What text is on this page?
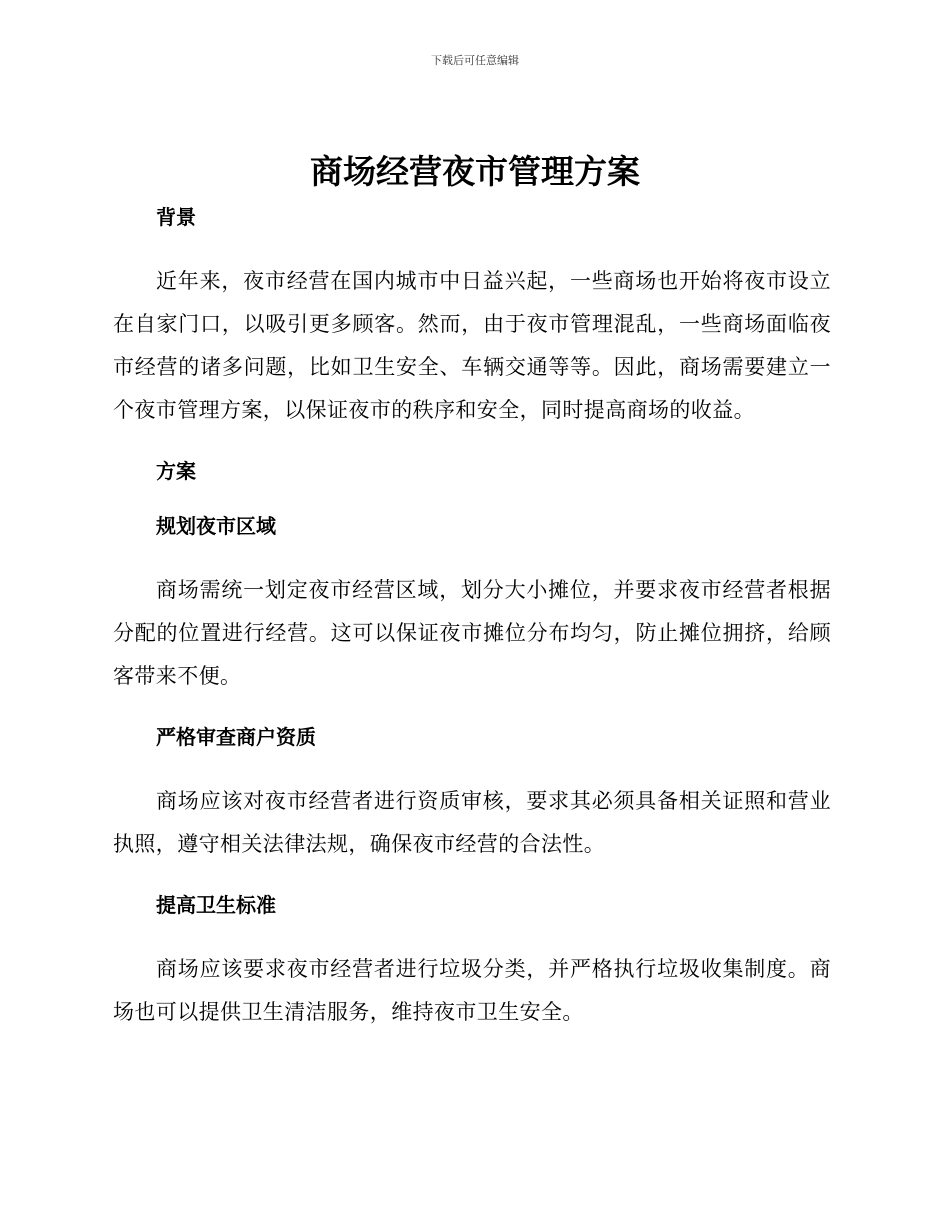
下载后可任意编辑
商场经营夜市管理方案
背景

近年来，夜市经营在国内城市中日益兴起，一些商场也开始将夜市设立在自家门口，以吸引更多顾客。然而，由于夜市管理混乱，一些商场面临夜市经营的诸多问题，比如卫生安全、车辆交通等等。因此，商场需要建立一个夜市管理方案，以保证夜市的秩序和安全，同时提高商场的收益。

方案
规划夜市区域

商场需统一划定夜市经营区域，划分大小摊位，并要求夜市经营者根据分配的位置进行经营。这可以保证夜市摊位分布均匀，防止摊位拥挤，给顾客带来不便。

严格审查商户资质

商场应该对夜市经营者进行资质审核，要求其必须具备相关证照和营业执照，遵守相关法律法规，确保夜市经营的合法性。

提高卫生标准

商场应该要求夜市经营者进行垃圾分类，并严格执行垃圾收集制度。商场也可以提供卫生清洁服务，维持夜市卫生安全。
